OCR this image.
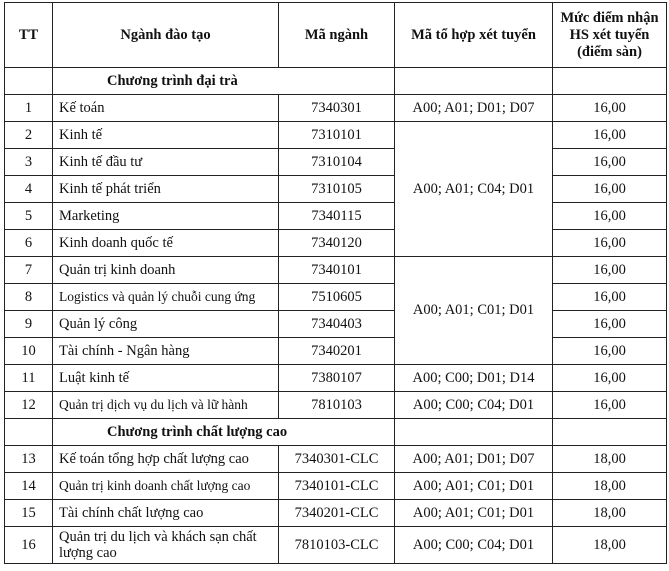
TT	Ngành đào tạo	Mã ngành	Mã tổ hợp xét tuyển	Mức điểm nhận HS xét tuyển (điểm sàn)
	Chương trình đại trà			
1	Kế toán	7340301	A00; A01; D01; D07	16,00
2	Kinh tế	7310101	A00; A01; C04; D01	16,00
3	Kinh tế đầu tư	7310104		16,00
4	Kinh tế phát triển	7310105		16,00
5	Marketing	7340115		16,00
6	Kinh doanh quốc tế	7340120		16,00
7	Quản trị kinh doanh	7340101	A00; A01; C01; D01	16,00
8	Logistics và quản lý chuỗi cung ứng	7510605		16,00
9	Quản lý công	7340403		16,00
10	Tài chính - Ngân hàng	7340201		16,00
11	Luật kinh tế	7380107	A00; C00; D01; D14	16,00
12	Quản trị dịch vụ du lịch và lữ hành	7810103	A00; C00; C04; D01	16,00
	Chương trình chất lượng cao			
13	Kế toán tổng hợp chất lượng cao	7340301-CLC	A00; A01; D01; D07	18,00
14	Quản trị kinh doanh chất lượng cao	7340101-CLC	A00; A01; C01; D01	18,00
15	Tài chính chất lượng cao	7340201-CLC	A00; A01; C01; D01	18,00
16	Quản trị du lịch và khách sạn chất lượng cao	7810103-CLC	A00; C00; C04; D01	18,00
